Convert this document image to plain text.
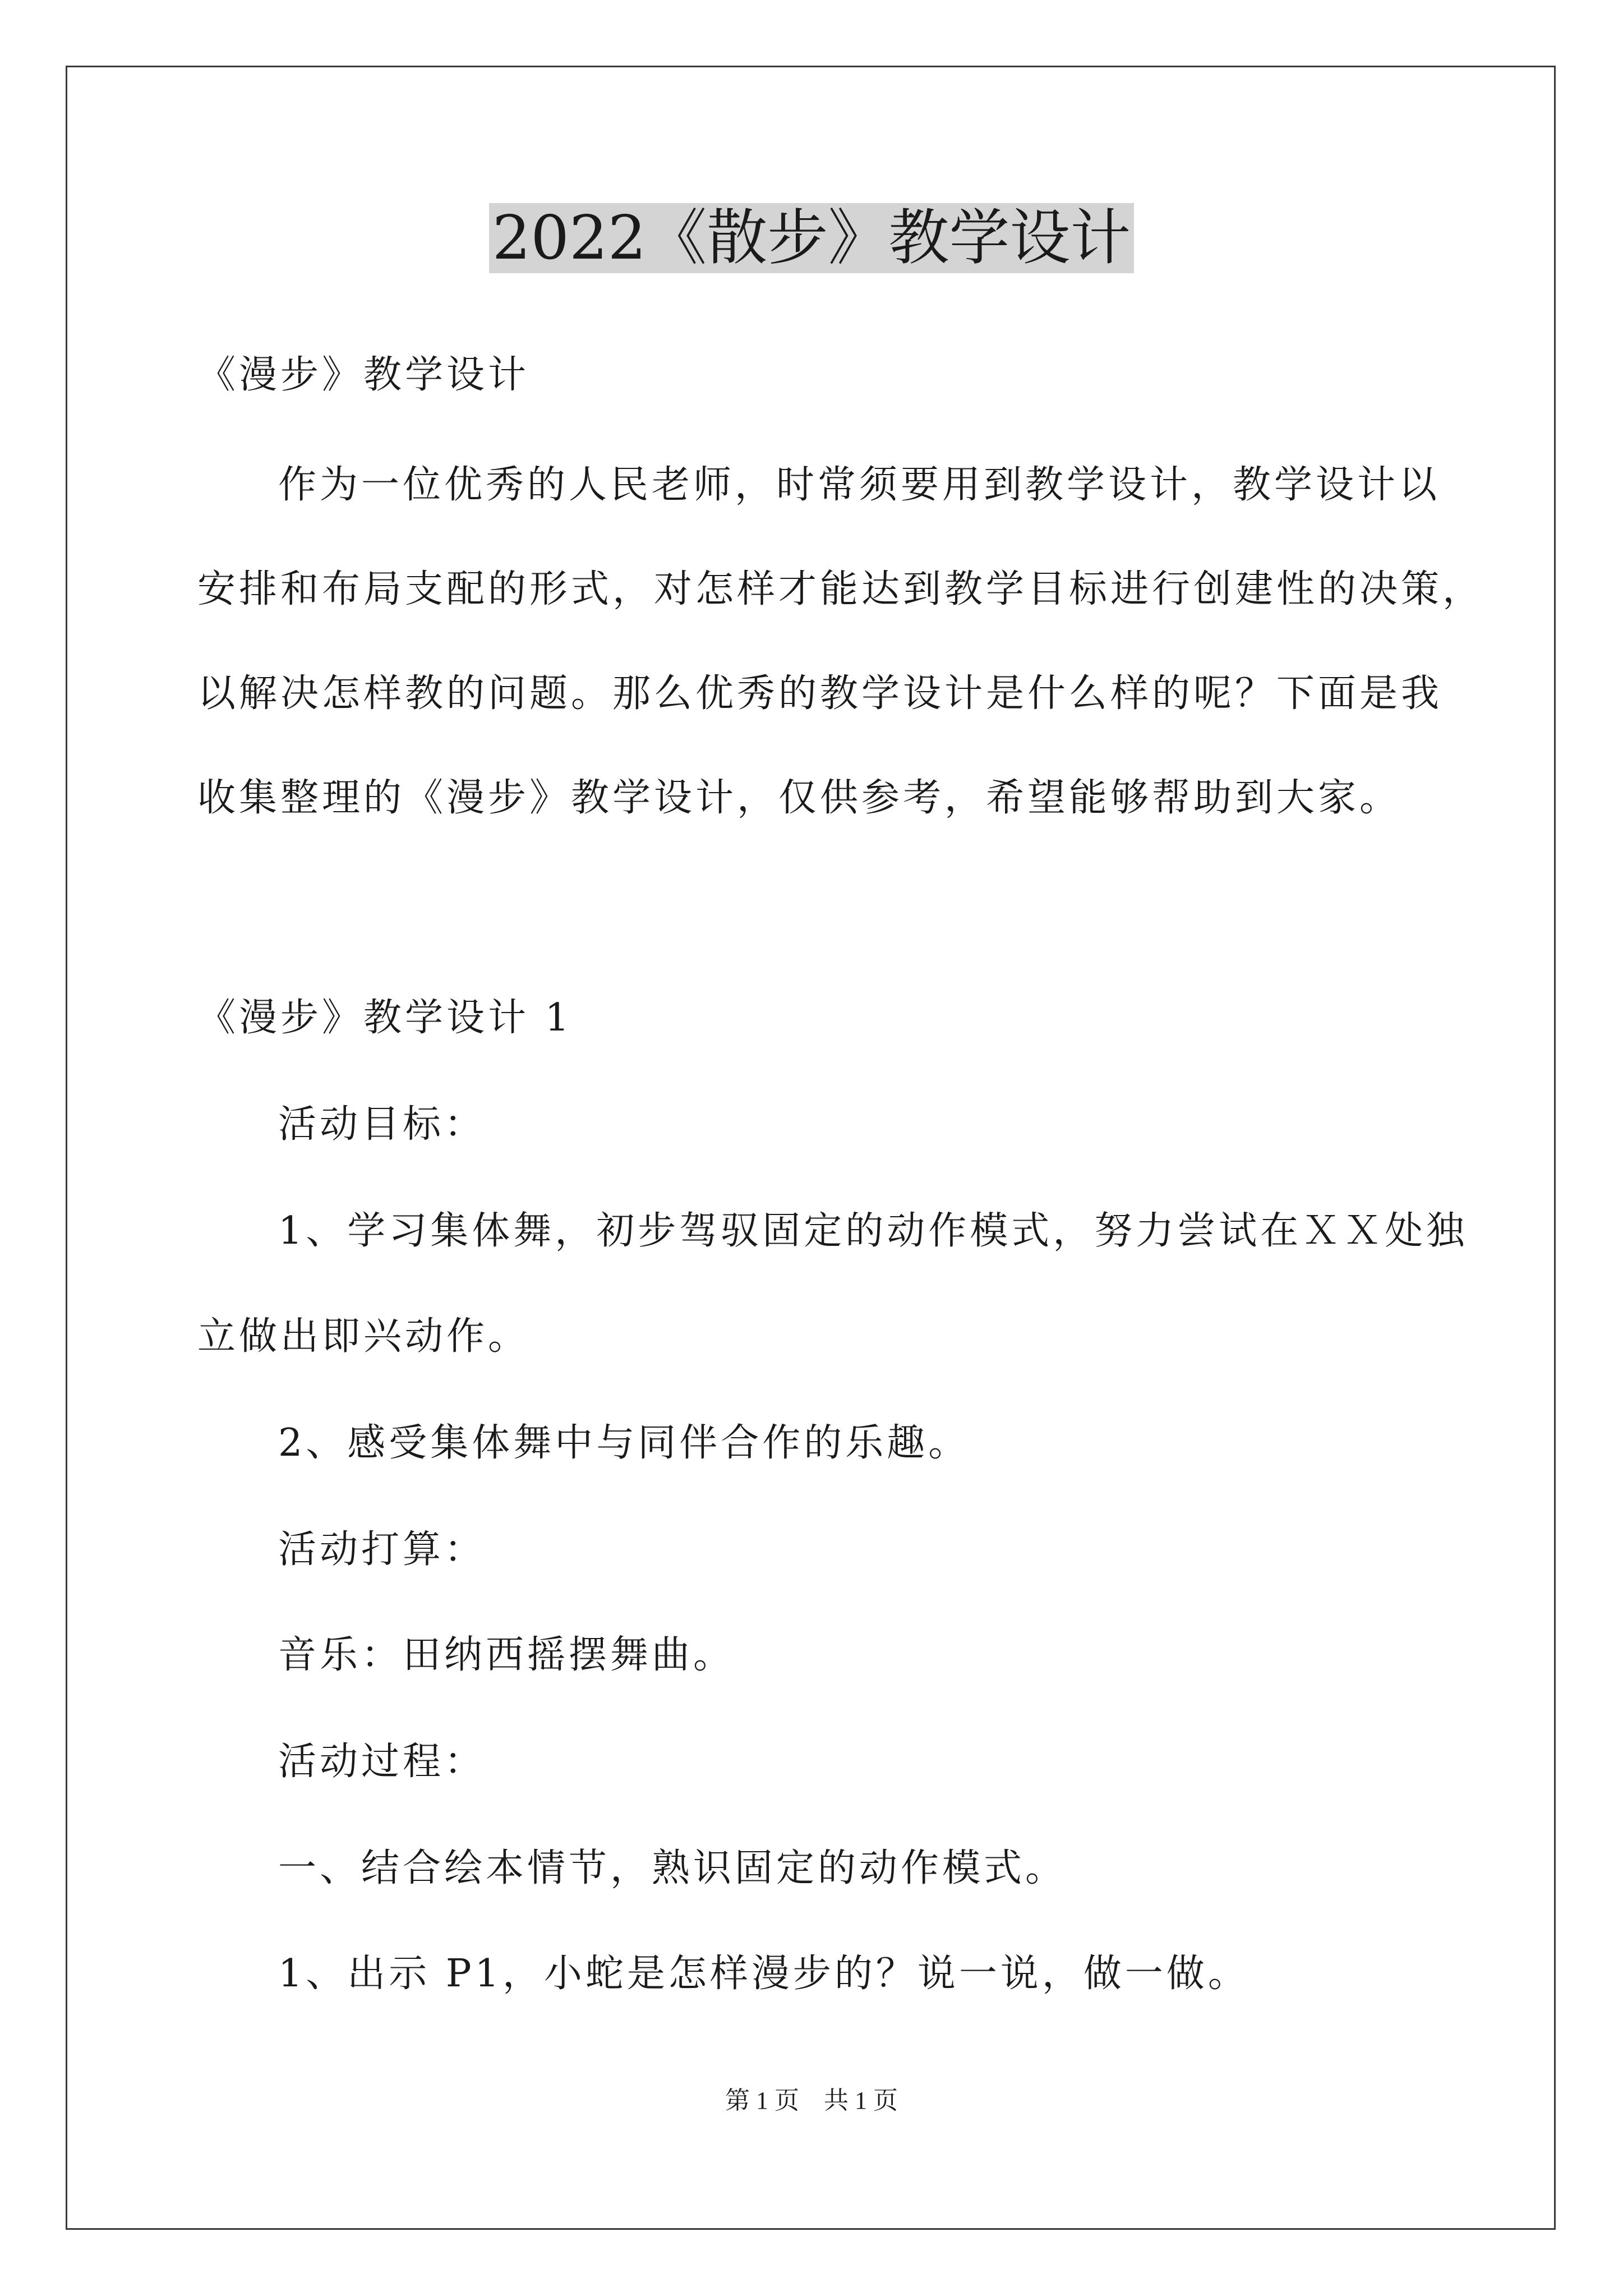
2022《散步》教学设计
《漫步》教学设计
作为一位优秀的人民老师，时常须要用到教学设计，教学设计以
安排和布局支配的形式，对怎样才能达到教学目标进行创建性的决策，
以解决怎样教的问题。那么优秀的教学设计是什么样的呢？下面是我
收集整理的《漫步》教学设计，仅供参考，希望能够帮助到大家。
《漫步》教学设计 1
活动目标：
1、学习集体舞，初步驾驭固定的动作模式，努力尝试在ＸＸ处独
立做出即兴动作。
2、感受集体舞中与同伴合作的乐趣。
活动打算：
音乐：田纳西摇摆舞曲。
活动过程：
一、结合绘本情节，熟识固定的动作模式。
1、出示 P1，小蛇是怎样漫步的？说一说，做一做。
第 1 页　共 1 页
